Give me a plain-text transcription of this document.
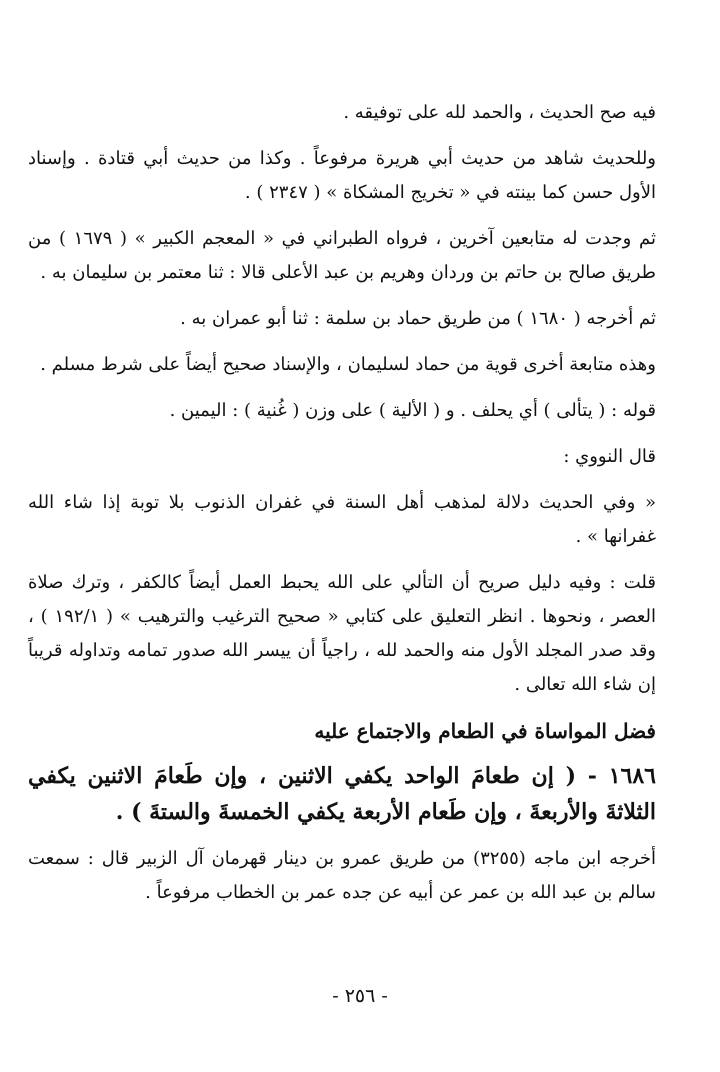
فيه صح الحديث ، والحمد لله على توفيقه .

وللحديث شاهد من حديث أبي هريرة مرفوعاً . وكذا من حديث أبي قتادة . وإسناد الأول حسن كما بينته في « تخريج المشكاة » ( ٢٣٤٧ ) .

ثم وجدت له متابعين آخرين ، فرواه الطبراني في « المعجم الكبير » ( ١٦٧٩ ) من طريق صالح بن حاتم بن وردان وهريم بن عبد الأعلى قالا : ثنا معتمر بن سليمان به .

ثم أخرجه ( ١٦٨٠ ) من طريق حماد بن سلمة : ثنا أبو عمران به .

وهذه متابعة أخرى قوية من حماد لسليمان ، والإسناد صحيح أيضاً على شرط مسلم .

قوله : ( يتألى ) أي يحلف . و ( الألية ) على وزن ( غُنية ) : اليمين .

قال النووي :

« وفي الحديث دلالة لمذهب أهل السنة في غفران الذنوب بلا توبة إذا شاء الله غفرانها » .

قلت : وفيه دليل صريح أن التألي على الله يحبط العمل أيضاً كالكفر ، وترك صلاة العصر ، ونحوها . انظر التعليق على كتابي « صحيح الترغيب والترهيب » ( ١٩٢/١ ) ، وقد صدر المجلد الأول منه والحمد لله ، راجياً أن ييسر الله صدور تمامه وتداوله قريباً إن شاء الله تعالى .

فضل المواساة في الطعام والاجتماع عليه

١٦٨٦ - ( إن طعامَ الواحد يكفي الاثنين ، وإن طَعامَ الاثنين يكفي الثلاثةَ والأربعةَ ، وإن طَعام الأربعة يكفي الخمسةَ والستةَ ) .

أخرجه ابن ماجه (٣٢٥٥) من طريق عمرو بن دينار قهرمان آل الزبير قال : سمعت سالم بن عبد الله بن عمر عن أبيه عن جده عمر بن الخطاب مرفوعاً .

- ٢٥٦ -
